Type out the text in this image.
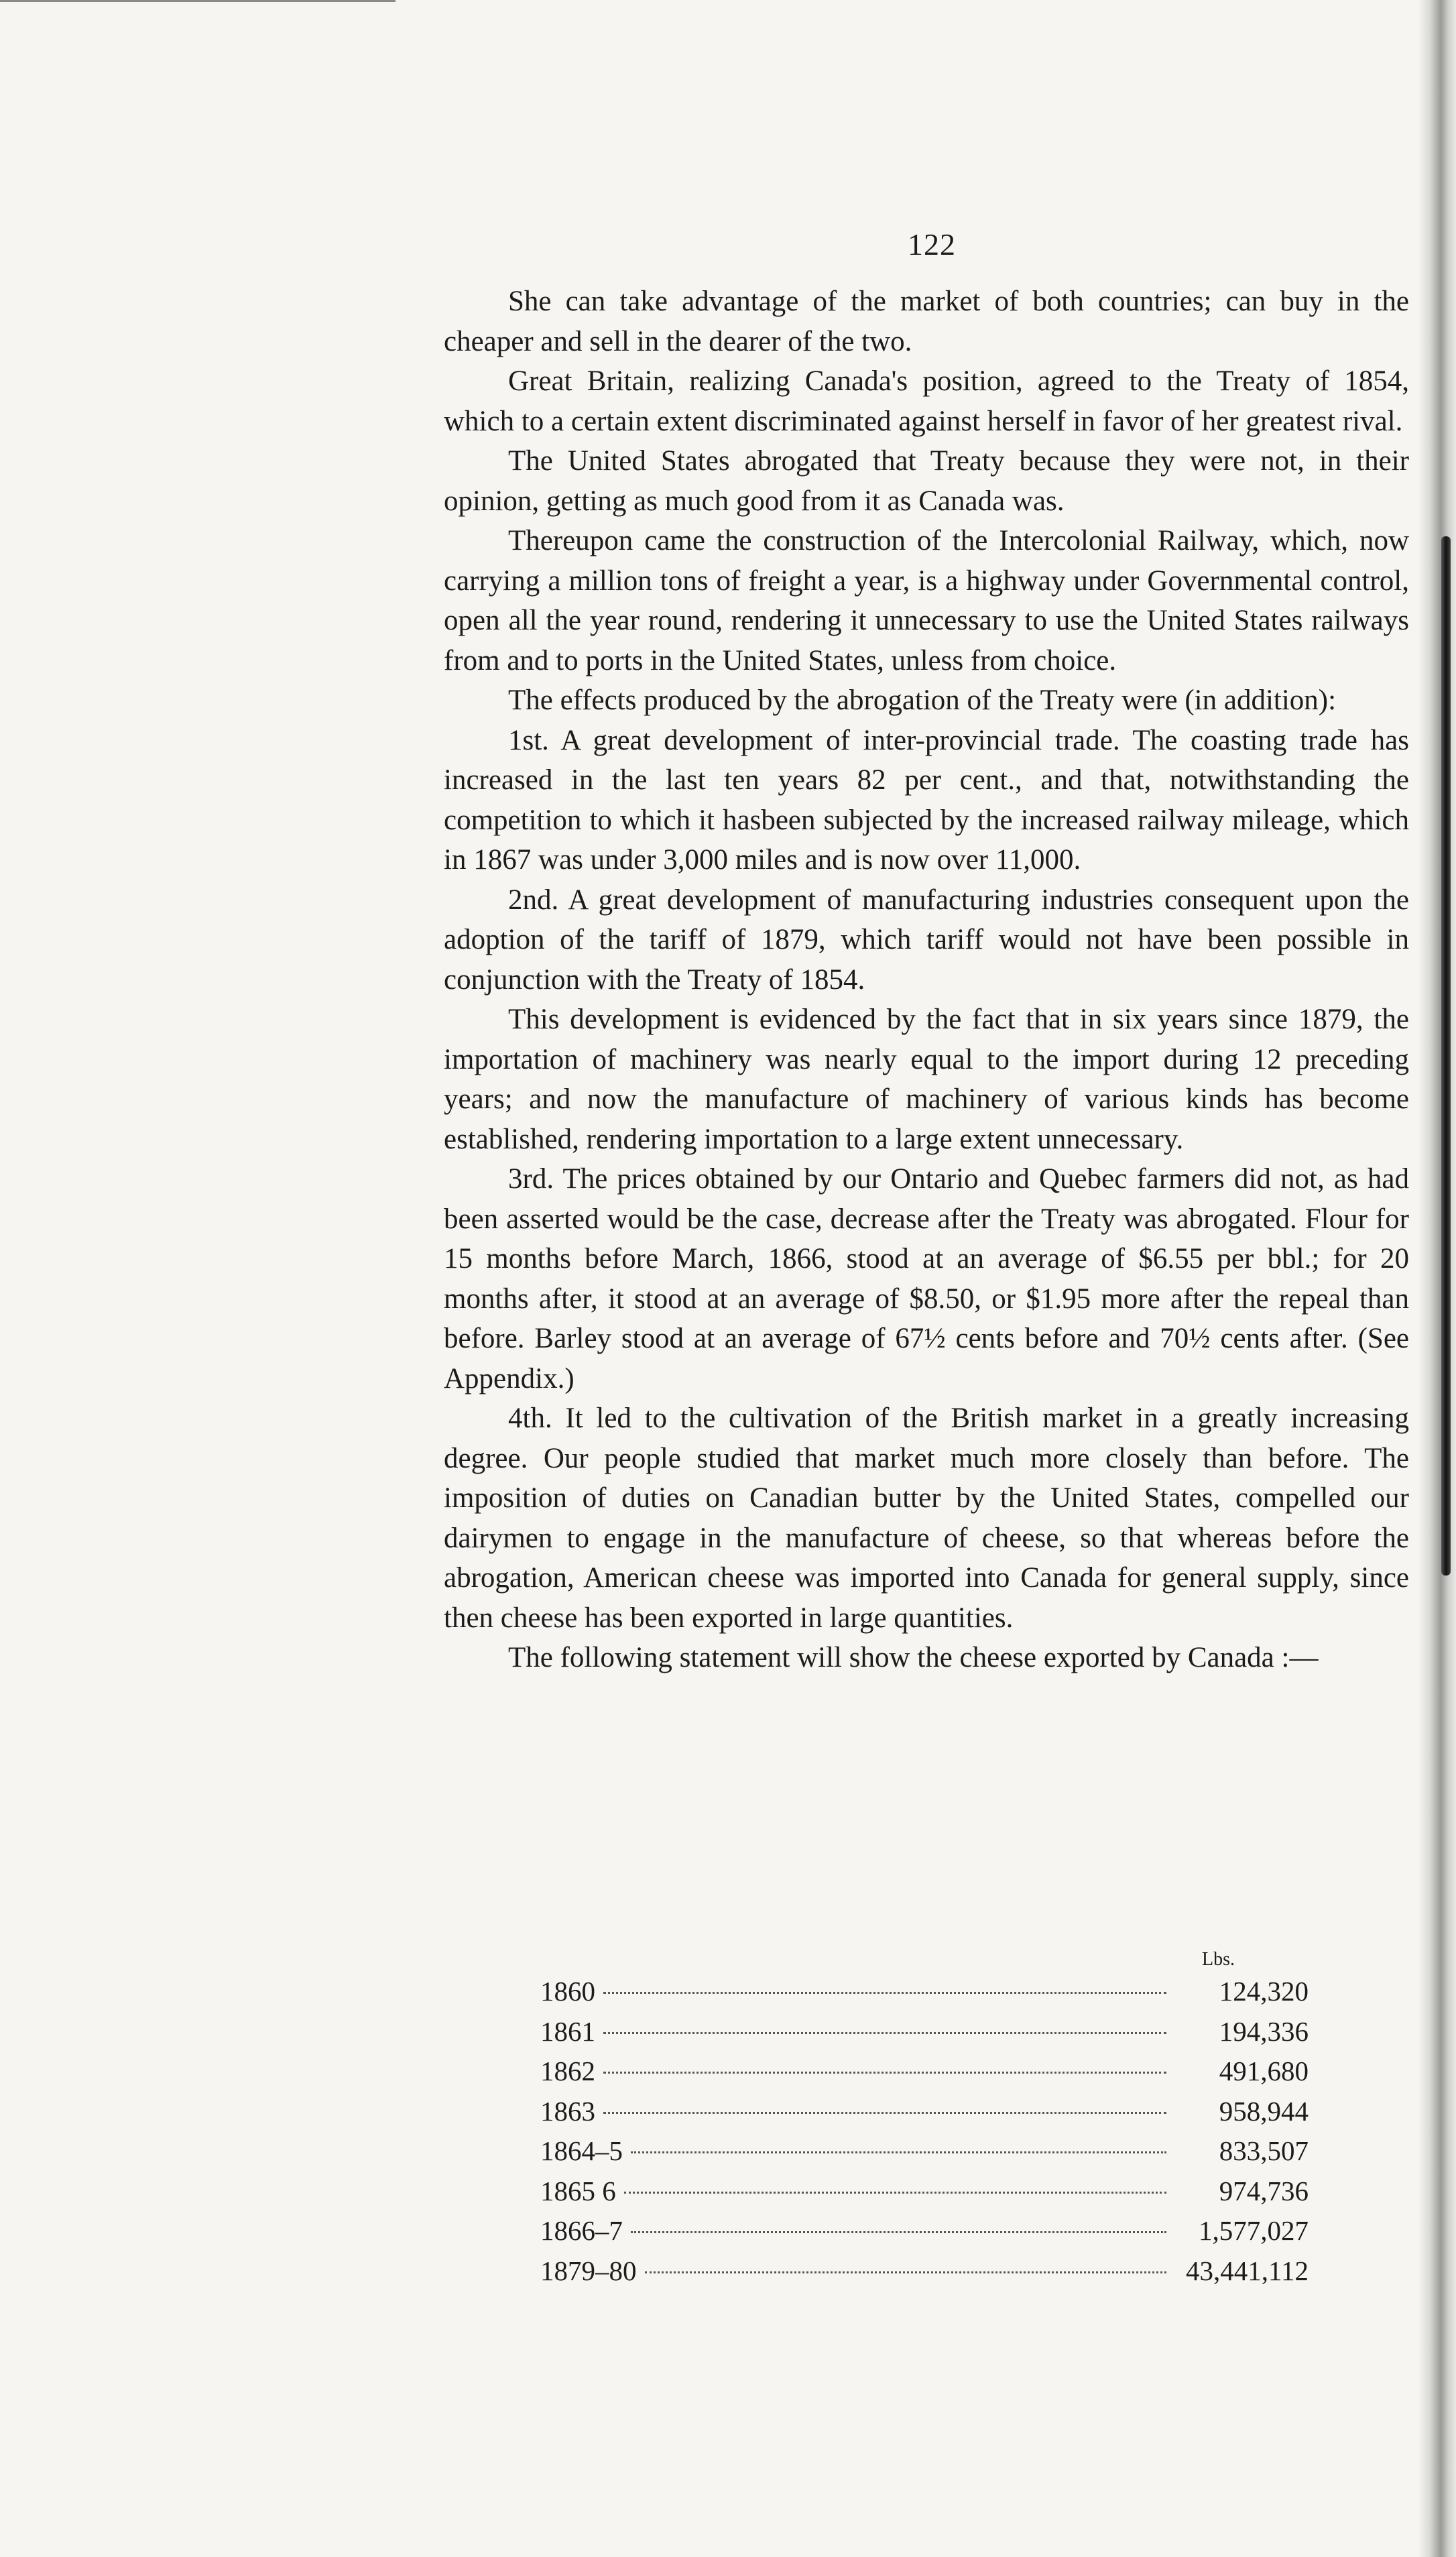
122

She can take advantage of the market of both countries; can buy in the cheaper and sell in the dearer of the two.

Great Britain, realizing Canada's position, agreed to the Treaty of 1854, which to a certain extent discriminated against herself in favor of her greatest rival.

The United States abrogated that Treaty because they were not, in their opinion, getting as much good from it as Canada was.

Thereupon came the construction of the Intercolonial Railway, which, now carrying a million tons of freight a year, is a highway under Governmental control, open all the year round, rendering it unnecessary to use the United States railways from and to ports in the United States, unless from choice.

The effects produced by the abrogation of the Treaty were (in addition):

1st. A great development of inter-provincial trade. The coasting trade has increased in the last ten years 82 per cent., and that, notwithstanding the competition to which it hasbeen subjected by the increased railway mileage, which in 1867 was under 3,000 miles and is now over 11,000.

2nd. A great development of manufacturing industries consequent upon the adoption of the tariff of 1879, which tariff would not have been possible in conjunction with the Treaty of 1854.

This development is evidenced by the fact that in six years since 1879, the importation of machinery was nearly equal to the import during 12 preceding years; and now the manufacture of machinery of various kinds has become established, rendering importation to a large extent unnecessary.

3rd. The prices obtained by our Ontario and Quebec farmers did not, as had been asserted would be the case, decrease after the Treaty was abrogated. Flour for 15 months before March, 1866, stood at an average of $6.55 per bbl.; for 20 months after, it stood at an average of $8.50, or $1.95 more after the repeal than before. Barley stood at an average of 67½ cents before and 70½ cents after. (See Appendix.)

4th. It led to the cultivation of the British market in a greatly increasing degree. Our people studied that market much more closely than before. The imposition of duties on Canadian butter by the United States, compelled our dairymen to engage in the manufacture of cheese, so that whereas before the abrogation, American cheese was imported into Canada for general supply, since then cheese has been exported in large quantities.

The following statement will show the cheese exported by Canada :—

Lbs.
1860	124,320
1861	194,336
1862	491,680
1863	958,944
1864–5	833,507
1865 6	974,736
1866–7	1,577,027
1879–80	43,441,112
